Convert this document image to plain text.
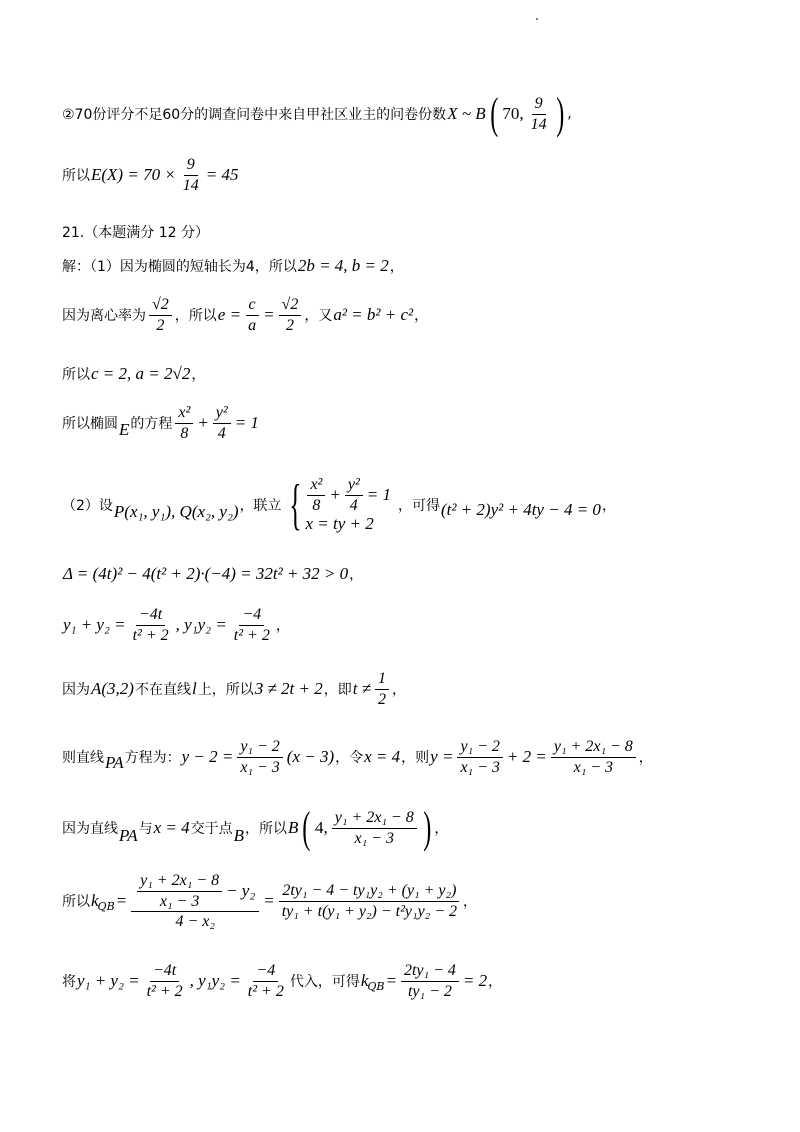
②70份评分不足60分的调查问卷中来自甲社区业主的问卷份数 X ~ B ( 70, $\frac{9}{14}$ ) ,
所以 $E(X) = 70 \times \frac{9}{14} = 45$
21.（本题满分 12 分）
解：（1）因为椭圆的短轴长为4，所以 2b = 4, b = 2 ，
因为离心率为 $\frac{√2}{2}$ ，所以 $e = \frac{c}{a} = \frac{√2}{2}$ ，又 a² = b² + c² ，
所以 c = 2, a = 2√2 ，
所以椭圆 E 的方程 $\frac{\text{x²}}{8} + \frac{\text{y²}}{4} = 1$
（2）设 P(x₁, y₁), Q(x₂, y₂) ，联立 { $\frac{\text{x²}}{8} + \frac{\text{y²}}{4} = 1$
x = ty + 2
，可得 (t² + 2)y² + 4ty − 4 = 0 ，
Δ = (4t)² − 4(t² + 2)·(−4) = 32t² + 32 > 0 ，
$y_1 + y_2 = \frac{-4t}{\text{t² + 2}}$ , $y_1y_2 = \frac{-4}{\text{t² + 2}}$ ，
因为 A(3,2) 不在直线 l 上，所以 3 ≠ 2t + 2 ，即 $t \ne \frac{1}{2}$ ，
则直线 PA 方程为： $y - 2 = \frac{\text{y₁ − 2}}{\text{x₁ − 3}} (x - 3)$ ，令 x = 4 ，则 $y = \frac{\text{y₁ − 2}}{\text{x₁ − 3}} + 2 = \frac{\text{y₁ + 2x₁ − 8}}{\text{x₁ − 3}}$ ，
因为直线 PA 与 x = 4 交于点 B ，所以 B ( 4, $\frac{\text{y₁ + 2x₁ − 8}}{\text{x₁ − 3}}$ ) ，
所以 $k_{QB} = \frac{\frac{\text{y₁ + 2x₁ − 8}}{\text{x₁ − 3}} - y_2}{\text{4 − x₂}} = \frac{\text{2ty₁ − 4 − ty₁y₂ + (y₁ + y₂)}}{\text{ty₁ + t(y₁ + y₂) − t²y₁y₂ − 2}}$ ，
将 $y_1 + y_2 = \frac{-4t}{\text{t² + 2}}$ , $y_1y_2 = \frac{-4}{\text{t² + 2}}$ 代入，可得 $k_{QB} = \frac{\text{2ty₁ − 4}}{\text{ty₁ − 2}} = 2$ ，
